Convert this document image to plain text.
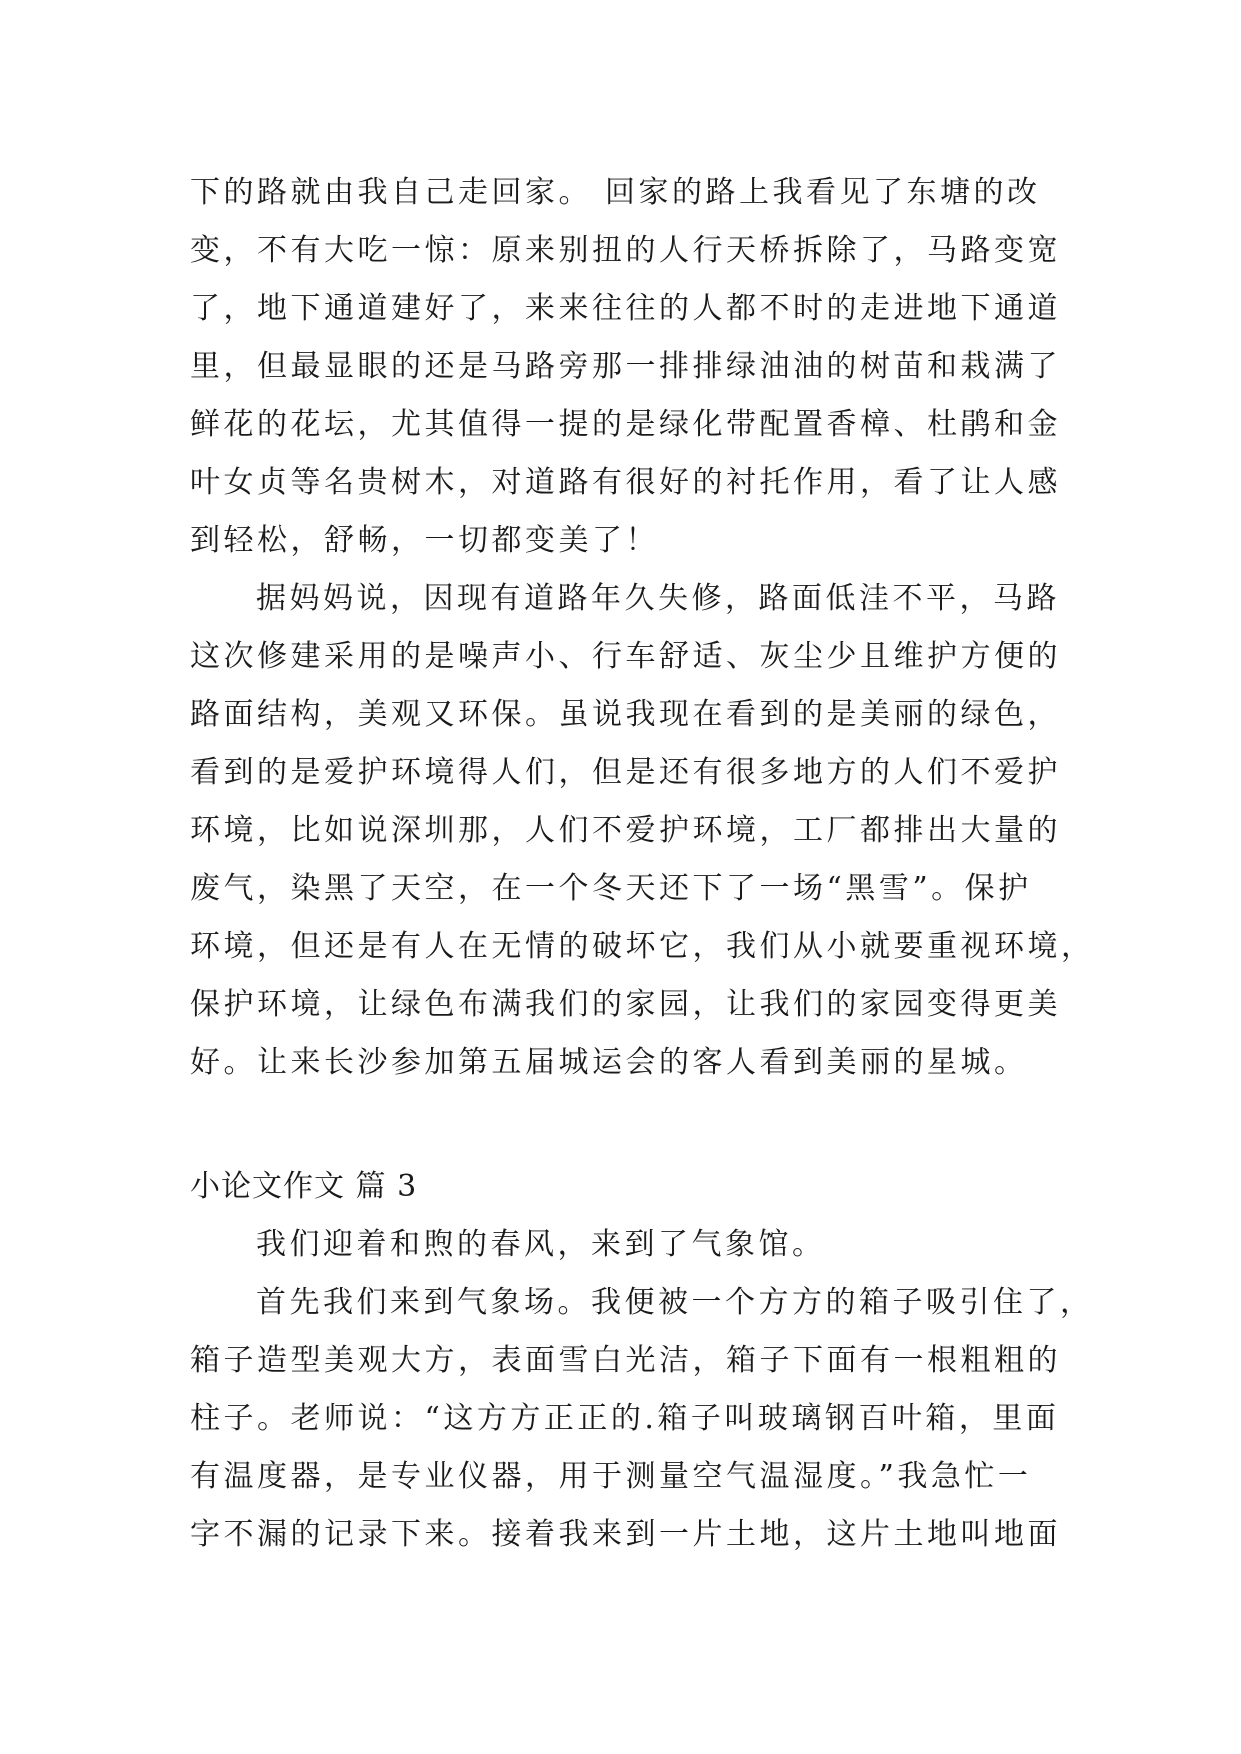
下的路就由我自己走回家。 回家的路上我看见了东塘的改
变，不有大吃一惊：原来别扭的人行天桥拆除了，马路变宽
了，地下通道建好了，来来往往的人都不时的走进地下通道
里，但最显眼的还是马路旁那一排排绿油油的树苗和栽满了
鲜花的花坛，尤其值得一提的是绿化带配置香樟、杜鹃和金
叶女贞等名贵树木，对道路有很好的衬托作用，看了让人感
到轻松，舒畅，一切都变美了！
据妈妈说，因现有道路年久失修，路面低洼不平，马路
这次修建采用的是噪声小、行车舒适、灰尘少且维护方便的
路面结构，美观又环保。虽说我现在看到的是美丽的绿色，
看到的是爱护环境得人们，但是还有很多地方的人们不爱护
环境，比如说深圳那，人们不爱护环境，工厂都排出大量的
废气，染黑了天空，在一个冬天还下了一场“黑雪”。保护
环境，但还是有人在无情的破坏它，我们从小就要重视环境，
保护环境，让绿色布满我们的家园，让我们的家园变得更美
好。让来长沙参加第五届城运会的客人看到美丽的星城。
小论文作文 篇 3
我们迎着和煦的春风，来到了气象馆。
首先我们来到气象场。我便被一个方方的箱子吸引住了，
箱子造型美观大方，表面雪白光洁，箱子下面有一根粗粗的
柱子。老师说：“这方方正正的.箱子叫玻璃钢百叶箱，里面
有温度器，是专业仪器，用于测量空气温湿度。”我急忙一
字不漏的记录下来。接着我来到一片土地，这片土地叫地面
